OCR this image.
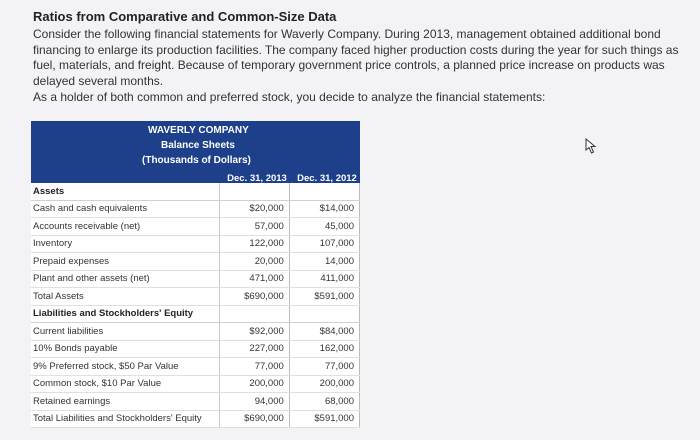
Ratios from Comparative and Common-Size Data

Consider the following financial statements for Waverly Company. During 2013, management obtained additional bond financing to enlarge its production facilities. The company faced higher production costs during the year for such things as fuel, materials, and freight. Because of temporary government price controls, a planned price increase on products was delayed several months.

As a holder of both common and preferred stock, you decide to analyze the financial statements:

WAVERLY COMPANY
Balance Sheets
(Thousands of Dollars)
Dec. 31, 2013	Dec. 31, 2012
Assets		
Cash and cash equivalents	$20,000	$14,000
Accounts receivable (net)	57,000	45,000
Inventory	122,000	107,000
Prepaid expenses	20,000	14,000
Plant and other assets (net)	471,000	411,000
Total Assets	$690,000	$591,000
Liabilities and Stockholders' Equity		
Current liabilities	$92,000	$84,000
10% Bonds payable	227,000	162,000
9% Preferred stock, $50 Par Value	77,000	77,000
Common stock, $10 Par Value	200,000	200,000
Retained earnings	94,000	68,000
Total Liabilities and Stockholders' Equity	$690,000	$591,000
